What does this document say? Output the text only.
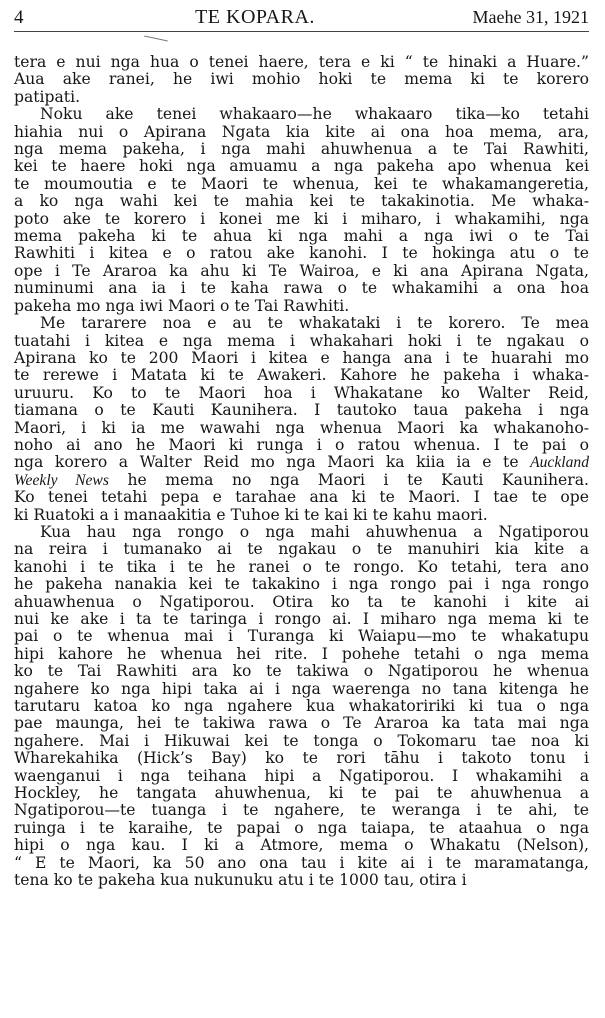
4	TE KOPARA.	Maehe 31, 1921
tera e nui nga hua o tenei haere, tera e ki “ te hinaki a Huare.”
Aua ake ranei, he iwi mohio hoki te mema ki te korero
patipati.
Noku ake tenei whakaaro—he whakaaro tika—ko tetahi
hiahia nui o Apirana Ngata kia kite ai ona hoa mema, ara,
nga mema pakeha, i nga mahi ahuwhenua a te Tai Rawhiti,
kei te haere hoki nga amuamu a nga pakeha apo whenua kei
te moumoutia e te Maori te whenua, kei te whakamangeretia,
a ko nga wahi kei te mahia kei te takakinotia. Me whaka-
poto ake te korero i konei me ki i miharo, i whakamihi, nga
mema pakeha ki te ahua ki nga mahi a nga iwi o te Tai
Rawhiti i kitea e o ratou ake kanohi. I te hokinga atu o te
ope i Te Araroa ka ahu ki Te Wairoa, e ki ana Apirana Ngata,
numinumi ana ia i te kaha rawa o te whakamihi a ona hoa
pakeha mo nga iwi Maori o te Tai Rawhiti.
Me tararere noa e au te whakataki i te korero. Te mea
tuatahi i kitea e nga mema i whakahari hoki i te ngakau o
Apirana ko te 200 Maori i kitea e hanga ana i te huarahi mo
te rerewe i Matata ki te Awakeri. Kahore he pakeha i whaka-
uruuru. Ko to te Maori hoa i Whakatane ko Walter Reid,
tiamana o te Kauti Kaunihera. I tautoko taua pakeha i nga
Maori, i ki ia me wawahi nga whenua Maori ka whakanoho-
noho ai ano he Maori ki runga i o ratou whenua. I te pai o
nga korero a Walter Reid mo nga Maori ka kiia ia e te Auckland
Weekly News he mema no nga Maori i te Kauti Kaunihera.
Ko tenei tetahi pepa e tarahae ana ki te Maori. I tae te ope
ki Ruatoki a i manaakitia e Tuhoe ki te kai ki te kahu maori.
Kua hau nga rongo o nga mahi ahuwhenua a Ngatiporou
na reira i tumanako ai te ngakau o te manuhiri kia kite a
kanohi i te tika i te he ranei o te rongo. Ko tetahi, tera ano
he pakeha nanakia kei te takakino i nga rongo pai i nga rongo
ahuawhenua o Ngatiporou. Otira ko ta te kanohi i kite ai
nui ke ake i ta te taringa i rongo ai. I miharo nga mema ki te
pai o te whenua mai i Turanga ki Waiapu—mo te whakatupu
hipi kahore he whenua hei rite. I pohehe tetahi o nga mema
ko te Tai Rawhiti ara ko te takiwa o Ngatiporou he whenua
ngahere ko nga hipi taka ai i nga waerenga no tana kitenga he
tarutaru katoa ko nga ngahere kua whakatoririki ki tua o nga
pae maunga, hei te takiwa rawa o Te Araroa ka tata mai nga
ngahere. Mai i Hikuwai kei te tonga o Tokomaru tae noa ki
Wharekahika (Hick’s Bay) ko te rori tāhu i takoto tonu i
waenganui i nga teihana hipi a Ngatiporou. I whakamihi a
Hockley, he tangata ahuwhenua, ki te pai te ahuwhenua a
Ngatiporou—te tuanga i te ngahere, te weranga i te ahi, te
ruinga i te karaihe, te papai o nga taiapa, te ataahua o nga
hipi o nga kau. I ki a Atmore, mema o Whakatu (Nelson),
“ E te Maori, ka 50 ano ona tau i kite ai i te maramatanga,
tena ko te pakeha kua nukunuku atu i te 1000 tau, otira i
